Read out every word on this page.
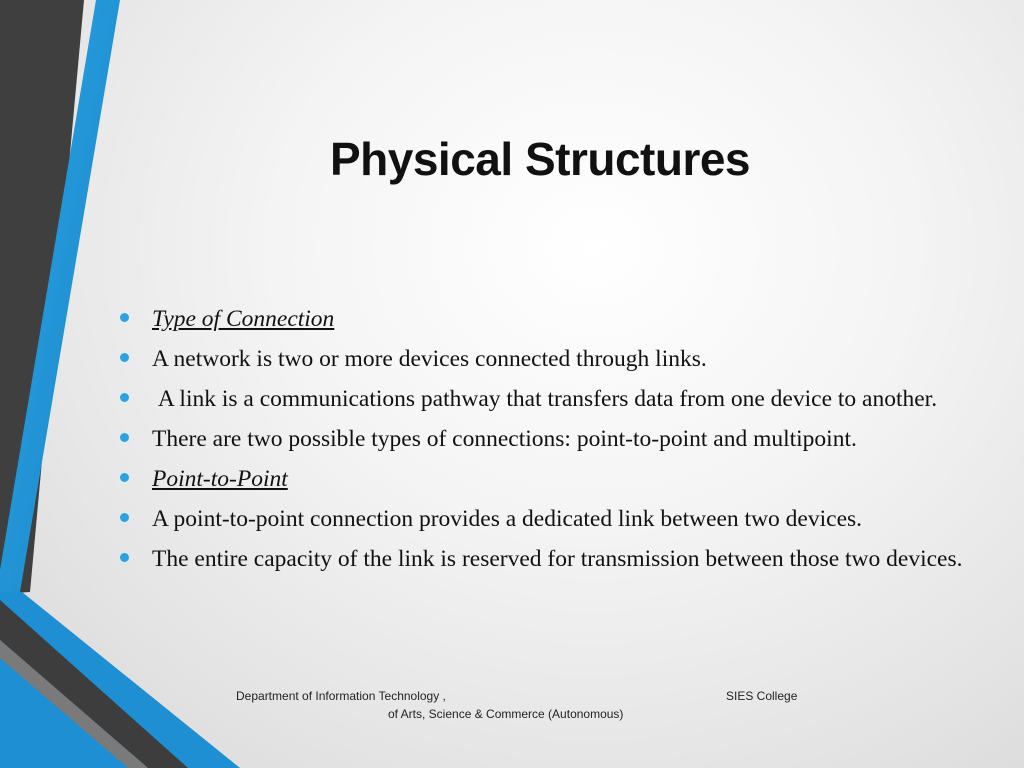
Physical Structures
Type of Connection
A network is two or more devices connected through links.
A link is a communications pathway that transfers data from one device to another.
There are two possible types of connections: point-to-point and multipoint.
Point-to-Point
A point-to-point connection provides a dedicated link between two devices.
The entire capacity of the link is reserved for transmission between those two devices.
Department of Information Technology ,	SIES College
of Arts, Science & Commerce (Autonomous)
